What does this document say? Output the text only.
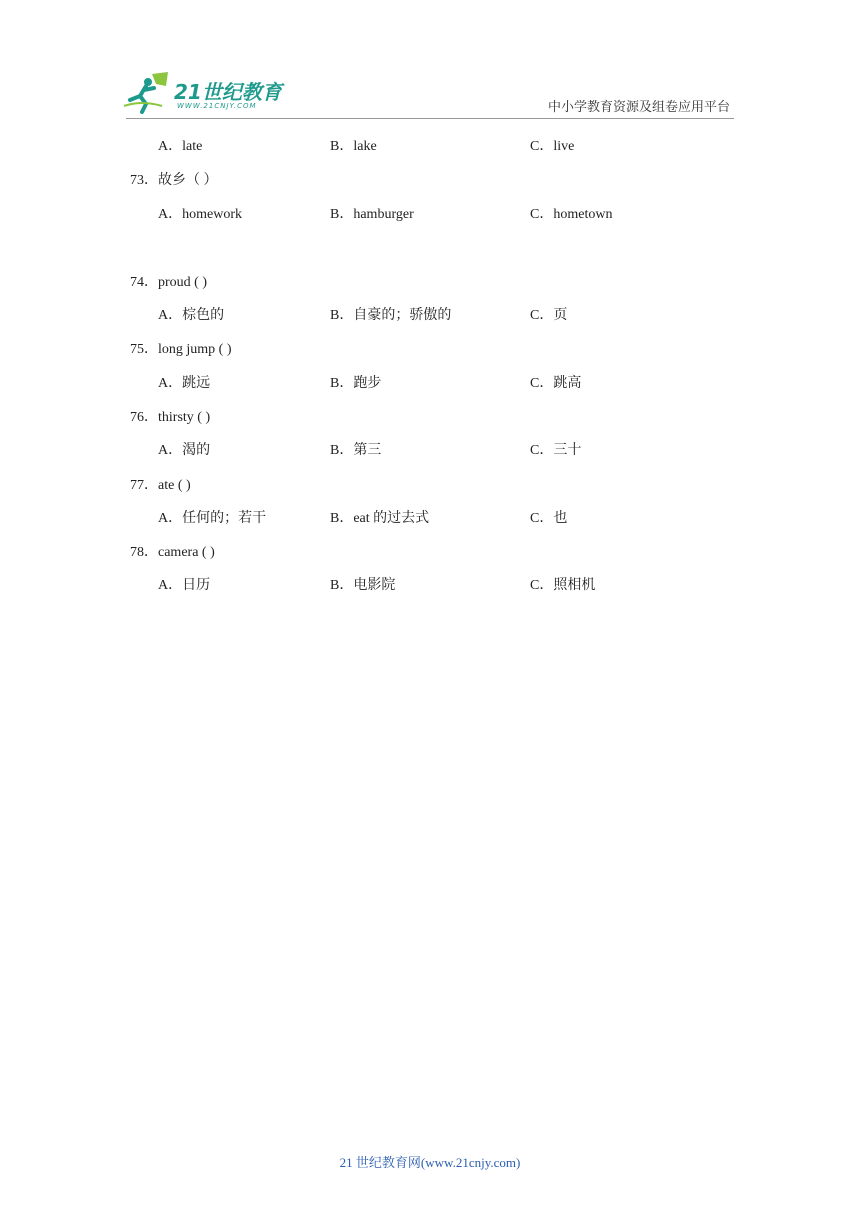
21世纪教育
WWW.21CNJY.COM	中小学教育资源及组卷应用平台
A．late	B．lake	C．live
73．故乡（ ）
A．homework	B．hamburger	C．hometown
74．proud ( )
A．棕色的	B．自豪的；骄傲的	C．页
75．long jump ( )
A．跳远	B．跑步	C．跳高
76．thirsty ( )
A．渴的	B．第三	C．三十
77．ate ( )
A．任何的；若干	B．eat 的过去式	C．也
78．camera ( )
A．日历	B．电影院	C．照相机
21 世纪教育网(www.21cnjy.com)
